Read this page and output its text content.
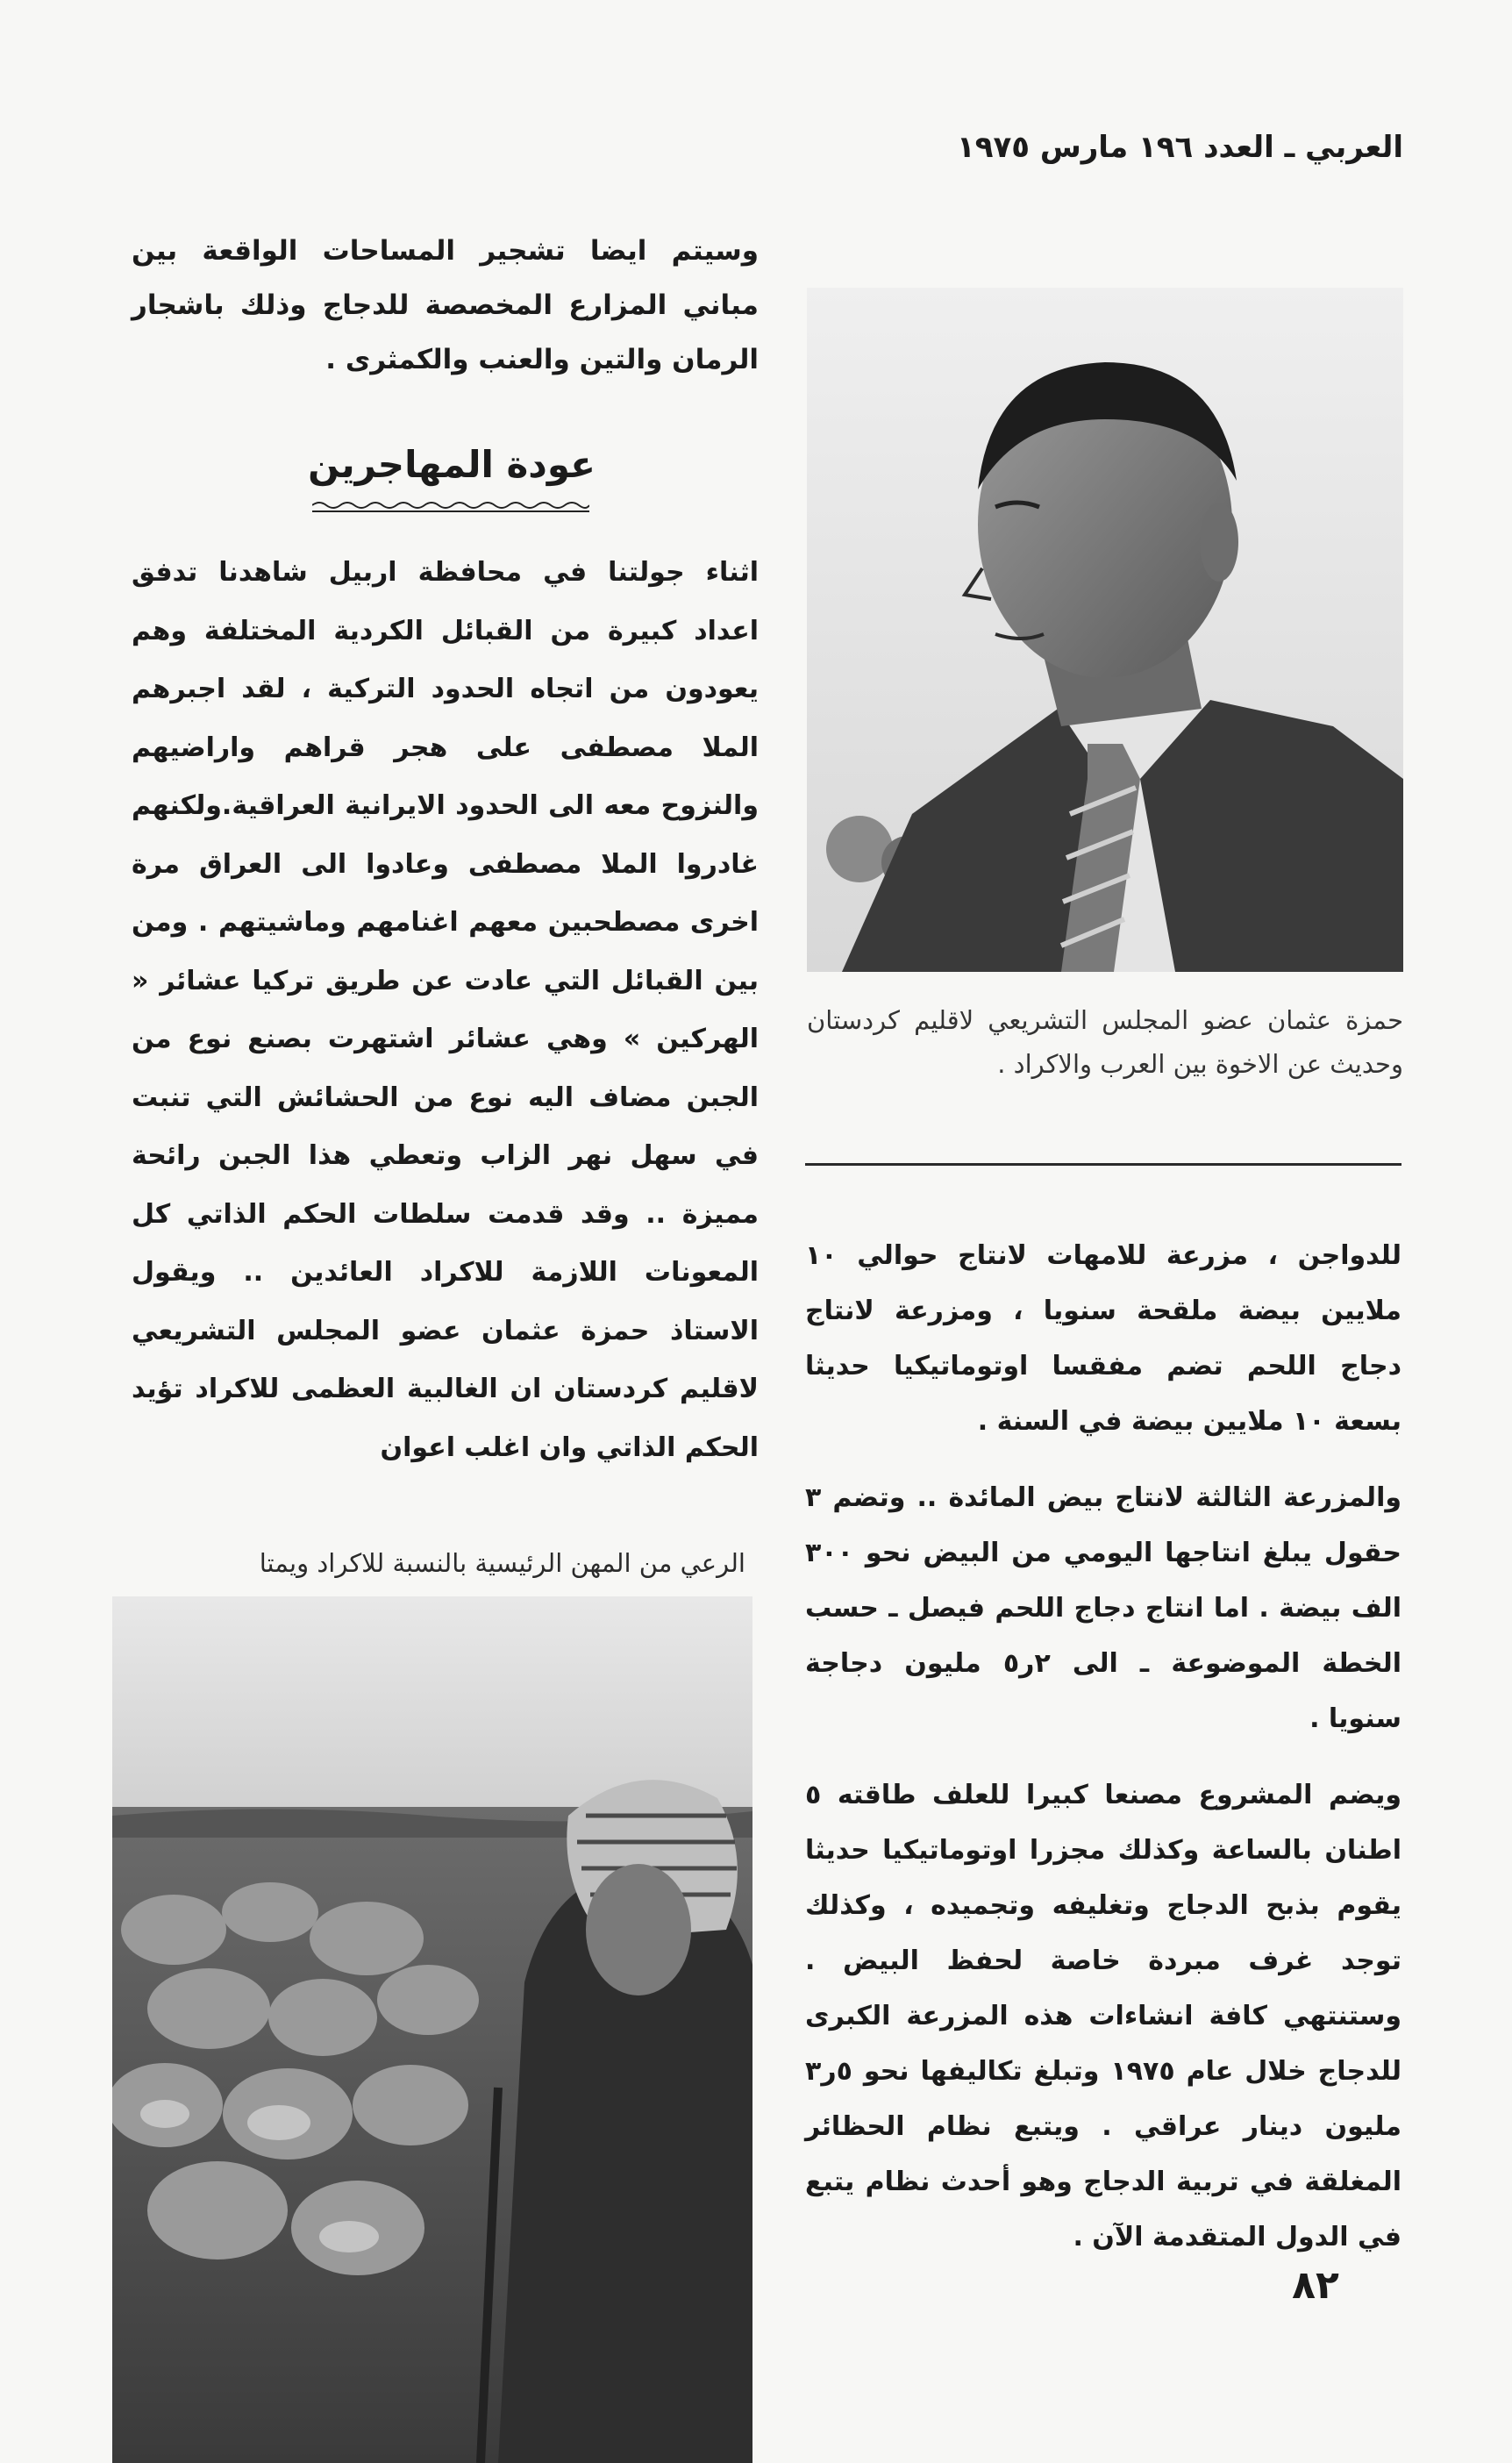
العربي ـ العدد ١٩٦ مارس ١٩٧٥
وسيتم ايضا تشجير المساحات الواقعة بين مباني المزارع المخصصة للدجاج وذلك باشجار الرمان والتين والعنب والكمثرى .
عودة المهاجرين
اثناء جولتنا في محافظة اربيل شاهدنا تدفق اعداد كبيرة من القبائل الكردية المختلفة وهم يعودون من اتجاه الحدود التركية ، لقد اجبرهم الملا مصطفى على هجر قراهم واراضيهم والنزوح معه الى الحدود الايرانية العراقية.ولكنهم غادروا الملا مصطفى وعادوا الى العراق مرة اخرى مصطحبين معهم اغنامهم وماشيتهم . ومن بين القبائل التي عادت عن طريق تركيا عشائر « الهركين » وهي عشائر اشتهرت بصنع نوع من الجبن مضاف اليه نوع من الحشائش التي تنبت في سهل نهر الزاب وتعطي هذا الجبن رائحة مميزة .. وقد قدمت سلطات الحكم الذاتي كل المعونات اللازمة للاكراد العائدين .. ويقول الاستاذ حمزة عثمان عضو المجلس التشريعي لاقليم كردستان ان الغالبية العظمى للاكراد تؤيد الحكم الذاتي وان اغلب اعوان
حمزة عثمان عضو المجلس التشريعي لاقليم كردستان وحديث عن الاخوة بين العرب والاكراد .

للدواجن ، مزرعة للامهات لانتاج حوالي ١٠ ملايين بيضة ملقحة سنويا ، ومزرعة لانتاج دجاج اللحم تضم مفقسا اوتوماتيكيا حديثا بسعة ١٠ ملايين بيضة في السنة .

والمزرعة الثالثة لانتاج بيض المائدة .. وتضم ٣ حقول يبلغ انتاجها اليومي من البيض نحو ٣٠٠ الف بيضة . اما انتاج دجاج اللحم فيصل ـ حسب الخطة الموضوعة ـ الى ٢ر٥ مليون دجاجة سنويا .

ويضم المشروع مصنعا كبيرا للعلف طاقته ٥ اطنان بالساعة وكذلك مجزرا اوتوماتيكيا حديثا يقوم بذبح الدجاج وتغليفه وتجميده ، وكذلك توجد غرف مبردة خاصة لحفظ البيض . وستنتهي كافة انشاءات هذه المزرعة الكبرى للدجاج خلال عام ١٩٧٥ وتبلغ تكاليفها نحو ٥ر٣ مليون دينار عراقي . ويتبع نظام الحظائر المغلقة في تربية الدجاج وهو أحدث نظام يتبع في الدول المتقدمة الآن .

الرعي من المهن الرئيسية بالنسبة للاكراد ويمتا
٨٢
